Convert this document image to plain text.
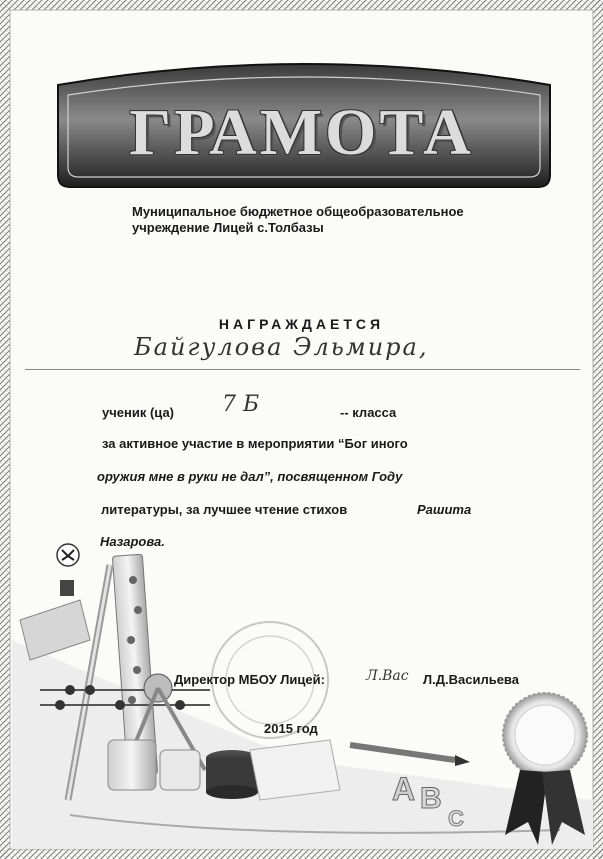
ГРАМОТА
Муниципальное бюджетное общеобразовательное
учреждение Лицей с.Толбазы
НАГРАЖДАЕТСЯ
Байгулова Эльмира,
ученик (ца) 7 Б	-- класса
за активное участие в мероприятии “Бог иного
оружия мне в руки не дал”, посвященном Году
литературы, за лучшее чтение стихов	Рашита
Назарова.
A B
C
Директор МБОУ Лицей:	Л.Вас Л.Д.Васильева
2015 год
